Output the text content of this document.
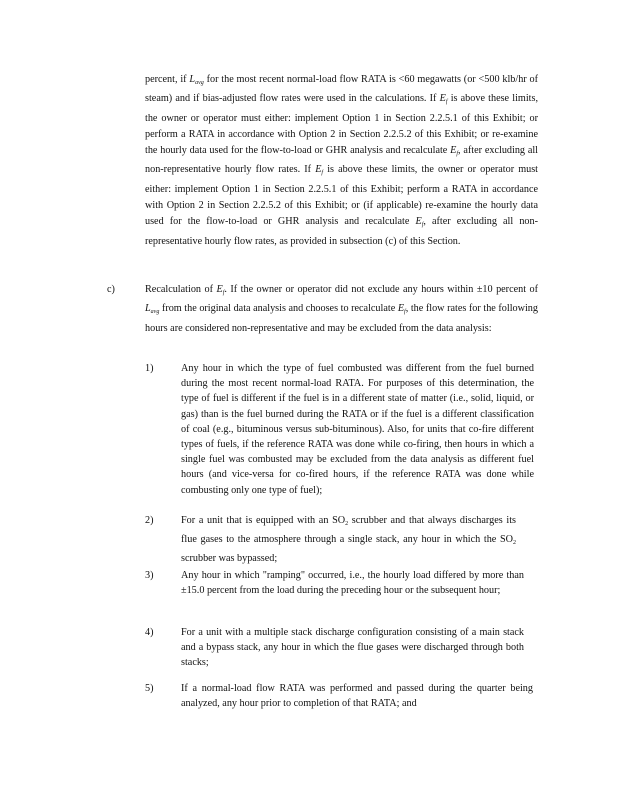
percent, if $L_{avg}$ for the most recent normal-load flow RATA is <60 megawatts (or <500 klb/hr of steam) and if bias-adjusted flow rates were used in the calculations. If $E_f$ is above these limits, the owner or operator must either: implement Option 1 in Section 2.2.5.1 of this Exhibit; or perform a RATA in accordance with Option 2 in Section 2.2.5.2 of this Exhibit; or re-examine the hourly data used for the flow-to-load or GHR analysis and recalculate $E_f$, after excluding all non-representative hourly flow rates. If $E_f$ is above these limits, the owner or operator must either: implement Option 1 in Section 2.2.5.1 of this Exhibit; perform a RATA in accordance with Option 2 in Section 2.2.5.2 of this Exhibit; or (if applicable) re-examine the hourly data used for the flow-to-load or GHR analysis and recalculate $E_f$, after excluding all non-representative hourly flow rates, as provided in subsection (c) of this Section.
c)	Recalculation of $E_f$. If the owner or operator did not exclude any hours within ±10 percent of $L_{avg}$ from the original data analysis and chooses to recalculate $E_f$, the flow rates for the following hours are considered non-representative and may be excluded from the data analysis:
1)	Any hour in which the type of fuel combusted was different from the fuel burned during the most recent normal-load RATA. For purposes of this determination, the type of fuel is different if the fuel is in a different state of matter (i.e., solid, liquid, or gas) than is the fuel burned during the RATA or if the fuel is a different classification of coal (e.g., bituminous versus sub-bituminous). Also, for units that co-fire different types of fuels, if the reference RATA was done while co-firing, then hours in which a single fuel was combusted may be excluded from the data analysis as different fuel hours (and vice-versa for co-fired hours, if the reference RATA was done while combusting only one type of fuel);
2)	For a unit that is equipped with an $SO_2$ scrubber and that always discharges its flue gases to the atmosphere through a single stack, any hour in which the $SO_2$ scrubber was bypassed;
3)	Any hour in which "ramping" occurred, i.e., the hourly load differed by more than ±15.0 percent from the load during the preceding hour or the subsequent hour;
4)	For a unit with a multiple stack discharge configuration consisting of a main stack and a bypass stack, any hour in which the flue gases were discharged through both stacks;
5)	If a normal-load flow RATA was performed and passed during the quarter being analyzed, any hour prior to completion of that RATA; and
